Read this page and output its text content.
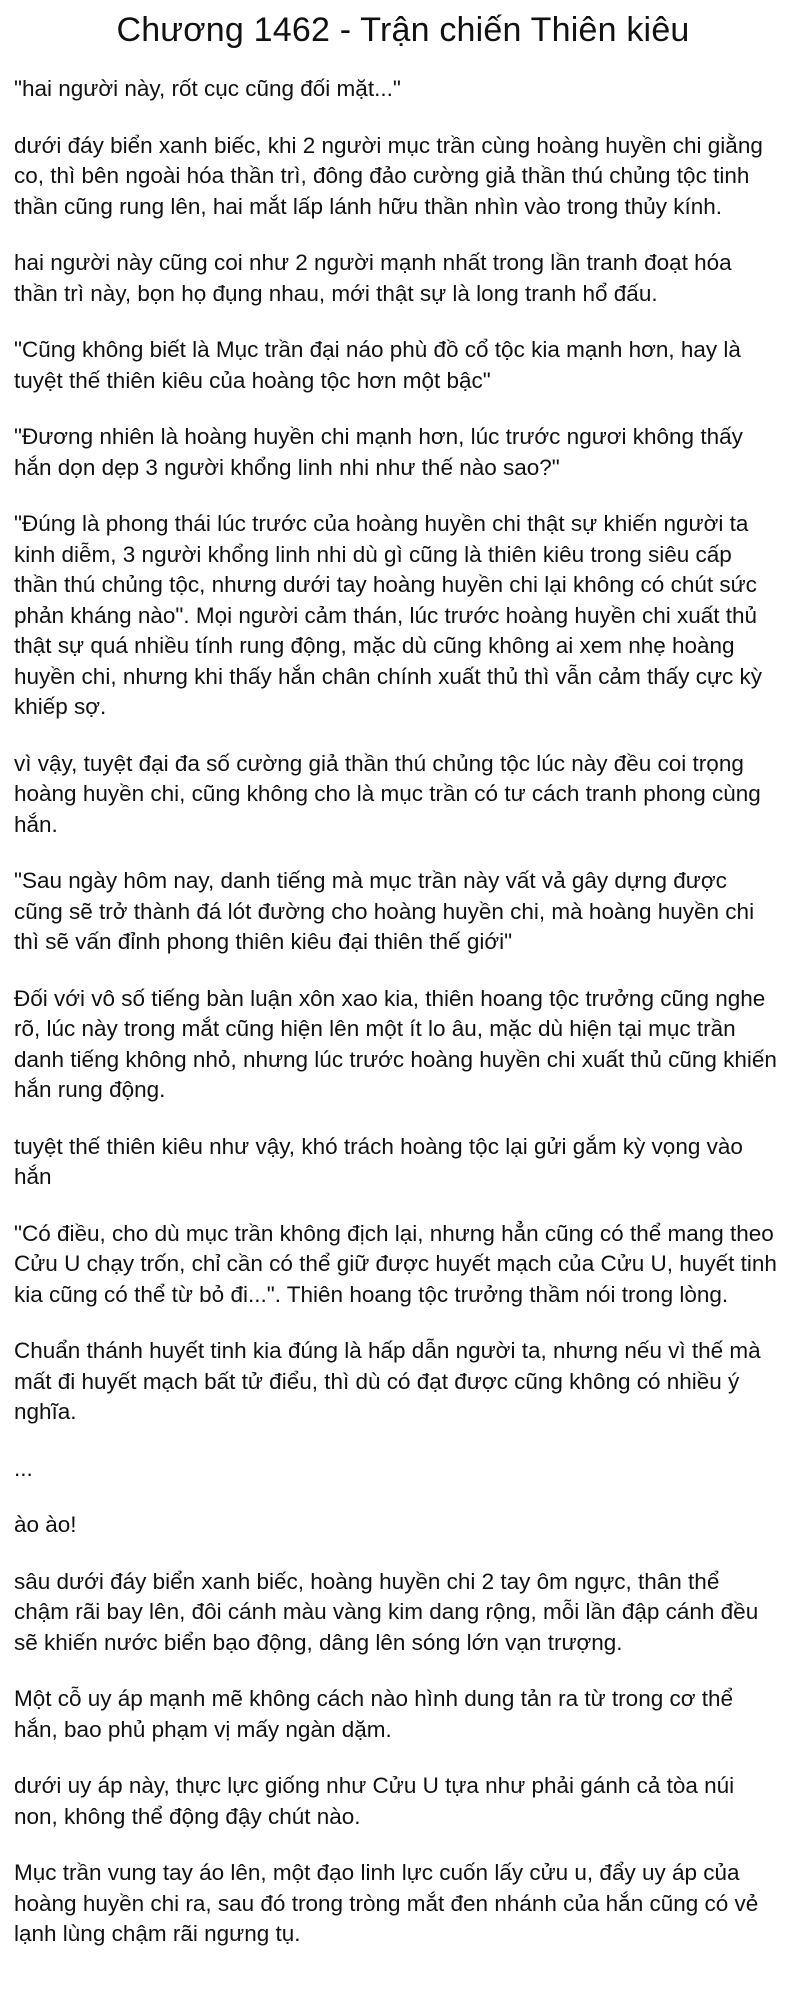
Chương 1462 - Trận chiến Thiên kiêu

"hai người này, rốt cục cũng đối mặt..."

dưới đáy biển xanh biếc, khi 2 người mục trần cùng hoàng huyền chi giằng co, thì bên ngoài hóa thần trì, đông đảo cường giả thần thú chủng tộc tinh thần cũng rung lên, hai mắt lấp lánh hữu thần nhìn vào trong thủy kính.

hai người này cũng coi như 2 người mạnh nhất trong lần tranh đoạt hóa thần trì này, bọn họ đụng nhau, mới thật sự là long tranh hổ đấu.

"Cũng không biết là Mục trần đại náo phù đồ cổ tộc kia mạnh hơn, hay là tuyệt thế thiên kiêu của hoàng tộc hơn một bậc"

"Đương nhiên là hoàng huyền chi mạnh hơn, lúc trước ngươi không thấy hắn dọn dẹp 3 người khổng linh nhi như thế nào sao?"

"Đúng là phong thái lúc trước của hoàng huyền chi thật sự khiến người ta kinh diễm, 3 người khổng linh nhi dù gì cũng là thiên kiêu trong siêu cấp thần thú chủng tộc, nhưng dưới tay hoàng huyền chi lại không có chút sức phản kháng nào". Mọi người cảm thán, lúc trước hoàng huyền chi xuất thủ thật sự quá nhiều tính rung động, mặc dù cũng không ai xem nhẹ hoàng huyền chi, nhưng khi thấy hắn chân chính xuất thủ thì vẫn cảm thấy cực kỳ khiếp sợ.

vì vậy, tuyệt đại đa số cường giả thần thú chủng tộc lúc này đều coi trọng hoàng huyền chi, cũng không cho là mục trần có tư cách tranh phong cùng hắn.

"Sau ngày hôm nay, danh tiếng mà mục trần này vất vả gây dựng được cũng sẽ trở thành đá lót đường cho hoàng huyền chi, mà hoàng huyền chi thì sẽ vấn đỉnh phong thiên kiêu đại thiên thế giới"

Đối với vô số tiếng bàn luận xôn xao kia, thiên hoang tộc trưởng cũng nghe rõ, lúc này trong mắt cũng hiện lên một ít lo âu, mặc dù hiện tại mục trần danh tiếng không nhỏ, nhưng lúc trước hoàng huyền chi xuất thủ cũng khiến hắn rung động.

tuyệt thế thiên kiêu như vậy, khó trách hoàng tộc lại gửi gắm kỳ vọng vào hắn

"Có điều, cho dù mục trần không địch lại, nhưng hẳn cũng có thể mang theo Cửu U chạy trốn, chỉ cần có thể giữ được huyết mạch của Cửu U, huyết tinh kia cũng có thể từ bỏ đi...". Thiên hoang tộc trưởng thầm nói trong lòng.

Chuẩn thánh huyết tinh kia đúng là hấp dẫn người ta, nhưng nếu vì thế mà mất đi huyết mạch bất tử điểu, thì dù có đạt được cũng không có nhiều ý nghĩa.

...

ào ào!

sâu dưới đáy biển xanh biếc, hoàng huyền chi 2 tay ôm ngực, thân thể chậm rãi bay lên, đôi cánh màu vàng kim dang rộng, mỗi lần đập cánh đều sẽ khiến nước biển bạo động, dâng lên sóng lớn vạn trượng.

Một cỗ uy áp mạnh mẽ không cách nào hình dung tản ra từ trong cơ thể hắn, bao phủ phạm vị mấy ngàn dặm.

dưới uy áp này, thực lực giống như Cửu U tựa như phải gánh cả tòa núi non, không thể động đậy chút nào.

Mục trần vung tay áo lên, một đạo linh lực cuốn lấy cửu u, đẩy uy áp của hoàng huyền chi ra, sau đó trong tròng mắt đen nhánh của hắn cũng có vẻ lạnh lùng chậm rãi ngưng tụ.
